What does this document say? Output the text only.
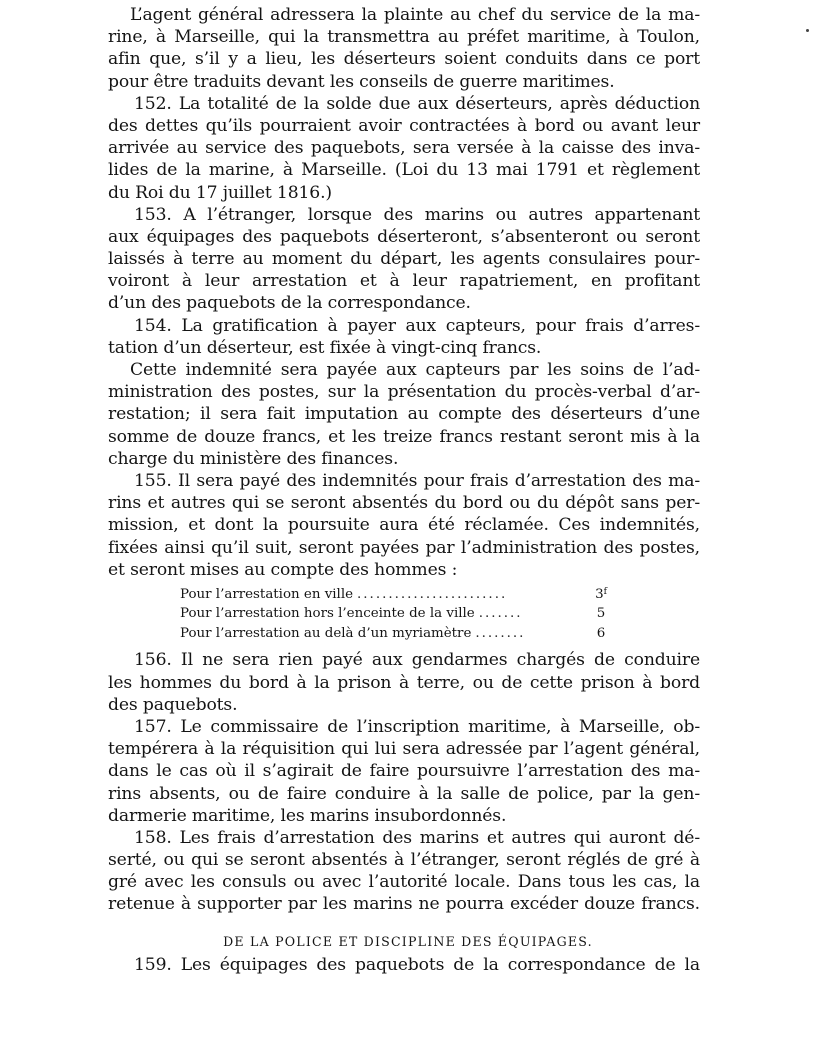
L’agent général adressera la plainte au chef du service de la ma-
rine, à Marseille, qui la transmettra au préfet maritime, à Toulon,
afin que, s’il y a lieu, les déserteurs soient conduits dans ce port
pour être traduits devant les conseils de guerre maritimes.
152. La totalité de la solde due aux déserteurs, après déduction
des dettes qu’ils pourraient avoir contractées à bord ou avant leur
arrivée au service des paquebots, sera versée à la caisse des inva-
lides de la marine, à Marseille. (Loi du 13 mai 1791 et règlement
du Roi du 17 juillet 1816.)
153. A l’étranger, lorsque des marins ou autres appartenant
aux équipages des paquebots déserteront, s’absenteront ou seront
laissés à terre au moment du départ, les agents consulaires pour-
voiront à leur arrestation et à leur rapatriement, en profitant
d’un des paquebots de la correspondance.
154. La gratification à payer aux capteurs, pour frais d’arres-
tation d’un déserteur, est fixée à vingt-cinq francs.
Cette indemnité sera payée aux capteurs par les soins de l’ad-
ministration des postes, sur la présentation du procès-verbal d’ar-
restation; il sera fait imputation au compte des déserteurs d’une
somme de douze francs, et les treize francs restant seront mis à la
charge du ministère des finances.
155. Il sera payé des indemnités pour frais d’arrestation des ma-
rins et autres qui se seront absentés du bord ou du dépôt sans per-
mission, et dont la poursuite aura été réclamée. Ces indemnités,
fixées ainsi qu’il suit, seront payées par l’administration des postes,
et seront mises au compte des hommes :
Pour l’arrestation en ville ........................	3$^f$
Pour l’arrestation hors l’enceinte de la ville .......	5
Pour l’arrestation au delà d’un myriamètre ........	6
156. Il ne sera rien payé aux gendarmes chargés de conduire
les hommes du bord à la prison à terre, ou de cette prison à bord
des paquebots.
157. Le commissaire de l’inscription maritime, à Marseille, ob-
tempérera à la réquisition qui lui sera adressée par l’agent général,
dans le cas où il s’agirait de faire poursuivre l’arrestation des ma-
rins absents, ou de faire conduire à la salle de police, par la gen-
darmerie maritime, les marins insubordonnés.
158. Les frais d’arrestation des marins et autres qui auront dé-
serté, ou qui se seront absentés à l’étranger, seront réglés de gré à
gré avec les consuls ou avec l’autorité locale. Dans tous les cas, la
retenue à supporter par les marins ne pourra excéder douze francs.
DE LA POLICE ET DISCIPLINE DES ÉQUIPAGES.
159. Les équipages des paquebots de la correspondance de la
